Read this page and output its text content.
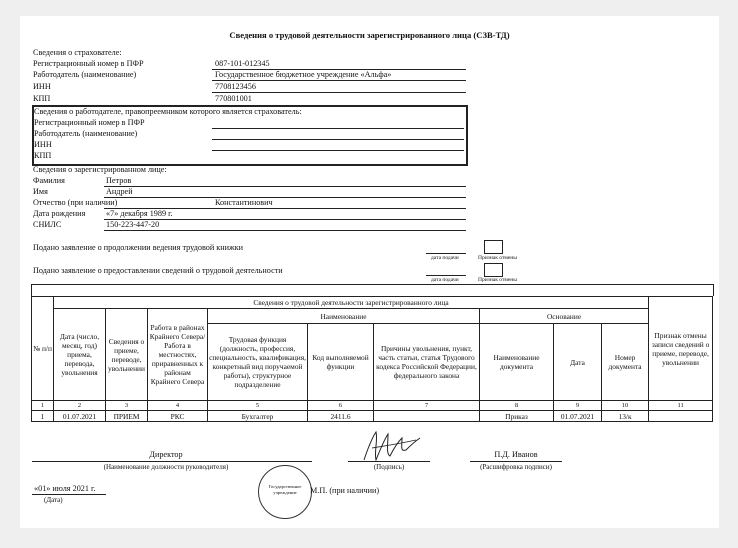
Сведения о трудовой деятельности зарегистрированного лица (СЗВ-ТД)
Сведения о страхователе:
Регистрационный номер в ПФР	087-101-012345
Работодатель (наименование)	Государственное бюджетное учреждение «Альфа»
ИНН	7708123456
КПП	770801001
Сведения о работодателе, правопреемником которого является страхователь:
Регистрационный номер в ПФР
Работодатель (наименование)
ИНН
КПП
Сведения о зарегистрированном лице:
Фамилия	Петров
Имя	Андрей
Отчество (при наличии)	Константинович
Дата рождения	«7» декабря 1989 г.
СНИЛС	150-223-447-20
Подано заявление о продолжении ведения трудовой книжки
дата подачи	Признак отмены
Подано заявление о предоставлении сведений о трудовой деятельности
дата подачи	Признак отмены
№ п/п	Сведения о трудовой деятельности зарегистрированного лица									Признак отмены записи сведений о приеме, переводе, увольнении
	Дата (число, месяц, год) приема, перевода, увольнения	Сведения о приеме, переводе, увольнении	Работа в районах Крайнего Севера/Работа в местностях, приравненных к районам Крайнего Севера	Наименование			Основание			
				Трудовая функция (должность, профессия, специальность, квалификация, конкретный вид поручаемой работы), структурное подразделение	Код выполняемой функции	Причины увольнения, пункт, часть статьи, статья Трудового кодекса Российской Федерации, федерального закона	Наименование документа	Дата	Номер документа	
1	2	3	4	5	6	7	8	9	10	11
1	01.07.2021	ПРИЕМ	РКС	Бухгалтер	2411.6		Приказ	01.07.2021	13/к	
Директор
(Наименование должности руководителя)	(Подпись)
П.Д. Иванов
(Расшифровка подписи)
«01» июля 2021 г.
(Дата)
Государственное учреждение	М.П. (при наличии)
